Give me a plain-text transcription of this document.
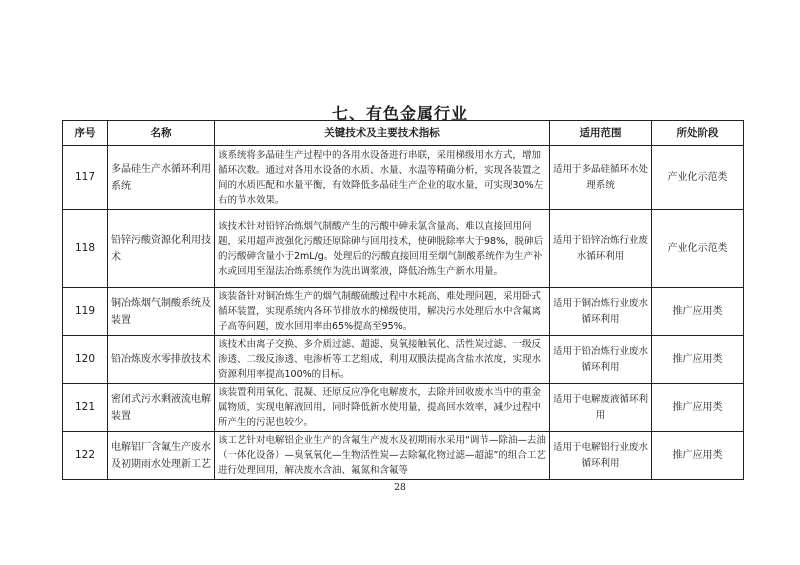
七、有色金属行业
序号	名称	关键技术及主要技术指标	适用范围	所处阶段
117	多晶硅生产水循环利用系统	该系统将多晶硅生产过程中的各用水设备进行串联，采用梯级用水方式，增加循环次数。通过对各用水设备的水质、水量、水温等精确分析，实现各装置之间的水质匹配和水量平衡，有效降低多晶硅生产企业的取水量，可实现30%左右的节水效果。	适用于多晶硅循环水处理系统	产业化示范类
118	铅锌污酸资源化利用技术	该技术针对铅锌冶炼烟气制酸产生的污酸中砷汞氯含量高、难以直接回用问题，采用超声波强化污酸还原除砷与回用技术，使砷脱除率大于98%，脱砷后的污酸砷含量小于2mL/g。处理后的污酸直接回用至烟气制酸系统作为生产补水或回用至湿法冶炼系统作为洗出调浆液，降低冶炼生产新水用量。	适用于铅锌冶炼行业废水循环利用	产业化示范类
119	铜冶炼烟气制酸系统及装置	该装备针对铜冶炼生产的烟气制酸硫酸过程中水耗高、难处理问题，采用卧式循环装置，实现系统内各环节排放水的梯级使用，解决污水处理后水中含氟离子高等问题，废水回用率由65%提高至95%。	适用于铜冶炼行业废水循环利用	推广应用类
120	铅冶炼废水零排放技术	该技术由离子交换、多介质过滤、超滤、臭氧接触氧化、活性炭过滤、一级反渗透、二级反渗透、电渗析等工艺组成，利用双膜法提高含盐水浓度，实现水资源利用率提高100%的目标。	适用于铅冶炼行业废水循环利用	推广应用类
121	密闭式污水剩液流电解装置	该装置利用氧化、混凝、还原反应净化电解废水，去除并回收废水当中的重金属物质，实现电解液回用，同时降低新水使用量，提高回水效率，减少过程中所产生的污泥也较少。	适用于电解废液循环利用	推广应用类
122	电解铝厂含氟生产废水及初期雨水处理新工艺	该工艺针对电解铝企业生产的含氟生产废水及初期雨水采用“调节—除油—去油（一体化设备）—臭氧氧化—生物活性炭—去除氟化物过滤—超滤”的组合工艺进行处理回用，解决废水含油、氟氮和含氟等	适用于电解铝行业废水循环利用	推广应用类
28
